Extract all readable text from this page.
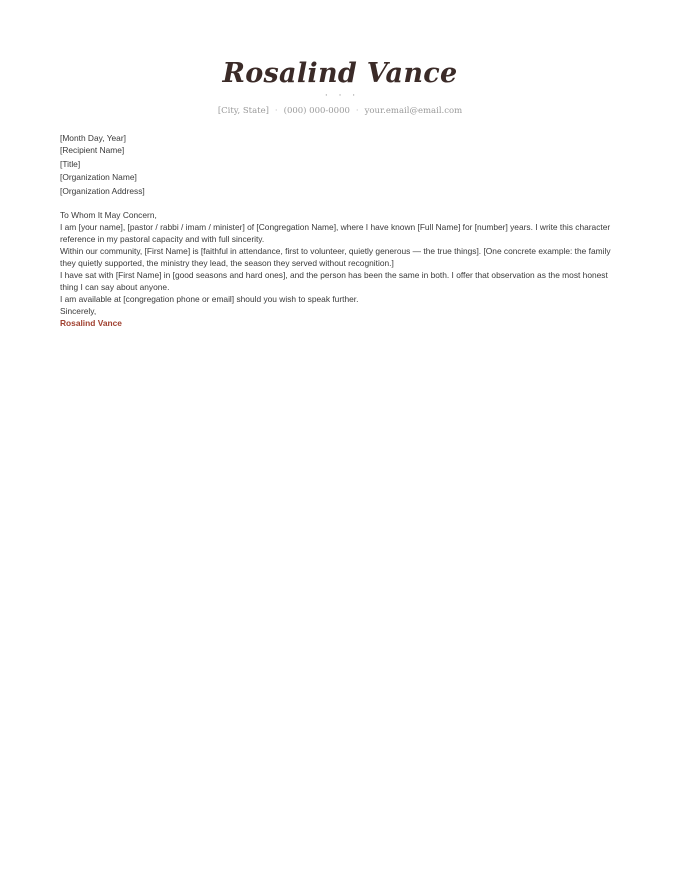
Rosalind Vance
· · ·
[City, State] · (000) 000-0000 · your.email@email.com

[Month Day, Year]

[Recipient Name]
[Title]
[Organization Name]
[Organization Address]

To Whom It May Concern,

I am [your name], [pastor / rabbi / imam / minister] of [Congregation Name], where I have known [Full Name] for [number] years. I write this character reference in my pastoral capacity and with full sincerity.

Within our community, [First Name] is [faithful in attendance, first to volunteer, quietly generous — the true things]. [One concrete example: the family they quietly supported, the ministry they lead, the season they served without recognition.]

I have sat with [First Name] in [good seasons and hard ones], and the person has been the same in both. I offer that observation as the most honest thing I can say about anyone.

I am available at [congregation phone or email] should you wish to speak further.

Sincerely,

Rosalind Vance
